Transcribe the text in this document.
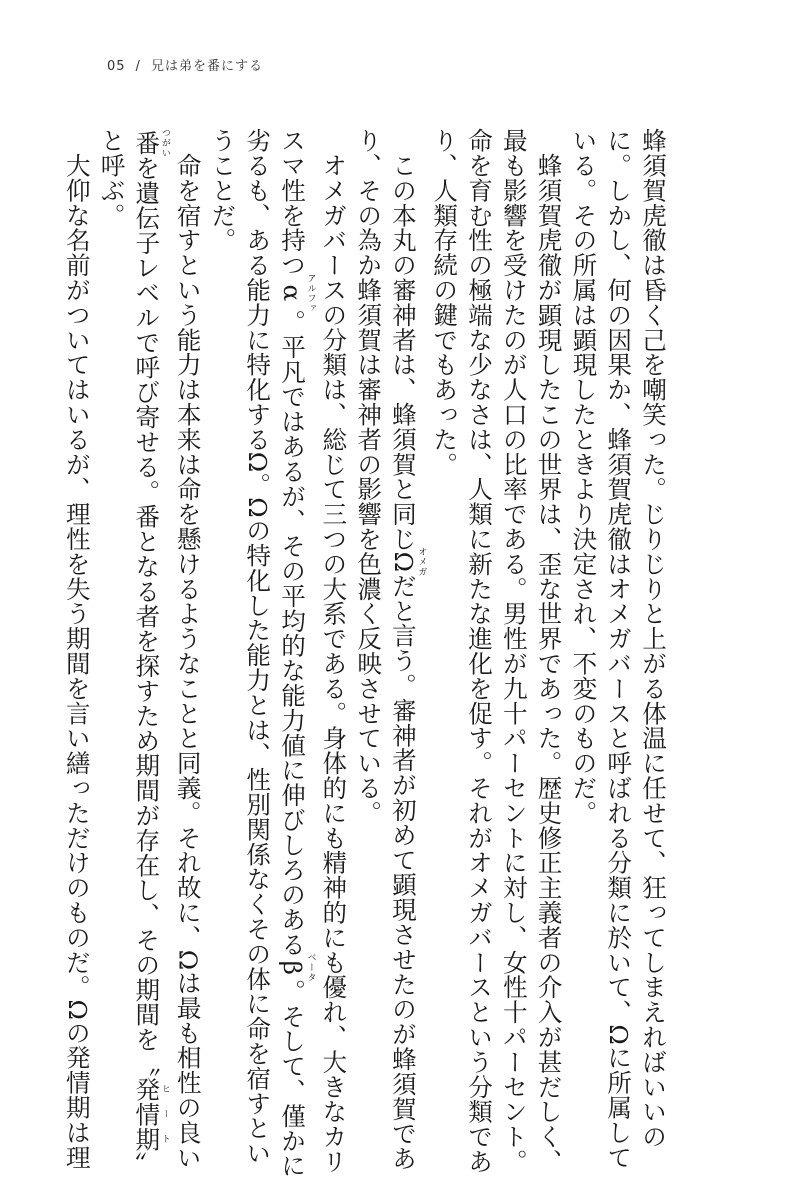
05 / 兄は弟を番にする
蜂須賀虎徹は昏く己を嘲笑った。じりじりと上がる体温に任せて、狂ってしまえればいいの
に。しかし、何の因果か、蜂須賀虎徹はオメガバースと呼ばれる分類に於いて、Ωに所属して
いる。その所属は顕現したときより決定され、不変のものだ。
　蜂須賀虎徹が顕現したこの世界は、歪な世界であった。歴史修正主義者の介入が甚だしく、
最も影響を受けたのが人口の比率である。男性が九十パーセントに対し、女性十パーセント。
命を育む性の極端な少なさは、人類に新たな進化を促す。それがオメガバースという分類であ
り、人類存続の鍵でもあった。
　この本丸の審神者は、蜂須賀と同じΩオメガだと言う。審神者が初めて顕現させたのが蜂須賀であ
り、その為か蜂須賀は審神者の影響を色濃く反映させている。
　オメガバースの分類は、総じて三つの大系である。身体的にも精神的にも優れ、大きなカリ
スマ性を持つαアルファ。平凡ではあるが、その平均的な能力値に伸びしろのあるβベータ。そして、僅かに
劣るも、ある能力に特化するΩ。Ωの特化した能力とは、性別関係なくその体に命を宿すとい
うことだ。
　命を宿すという能力は本来は命を懸けるようなことと同義。それ故に、Ωは最も相性の良い
番つがいを遺伝子レベルで呼び寄せる。番となる者を探すため期間が存在し、その期間を〝発情期ヒート〟
と呼ぶ。
　大仰な名前がついてはいるが、理性を失う期間を言い繕っただけのものだ。Ωの発情期は理
